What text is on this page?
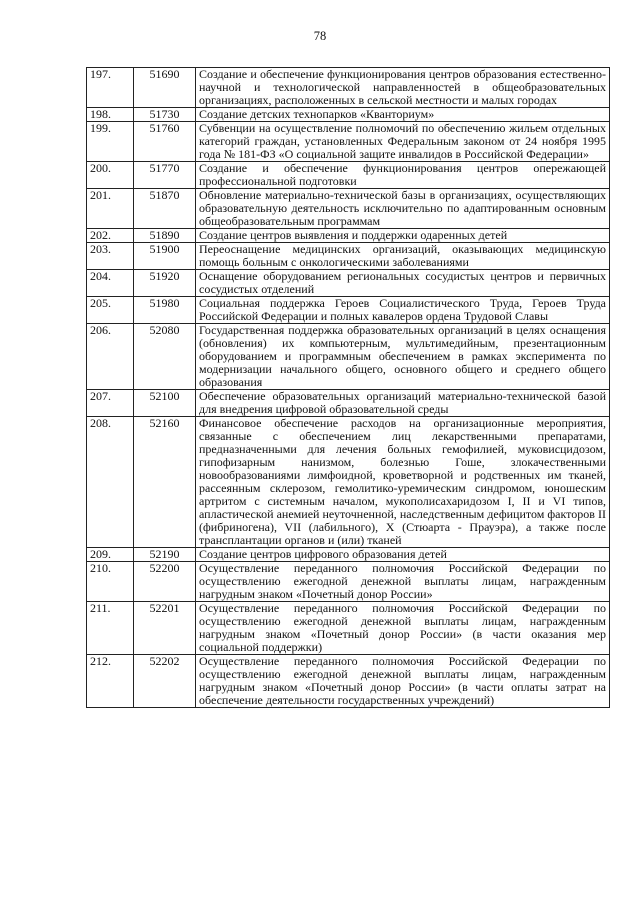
78
197.	51690	Создание и обеспечение функционирования центров образования естественно-научной и технологической направленностей в общеобразовательных организациях, расположенных в сельской местности и малых городах
198.	51730	Создание детских технопарков «Кванториум»
199.	51760	Субвенции на осуществление полномочий по обеспечению жильем отдельных категорий граждан, установленных Федеральным законом от 24 ноября 1995 года № 181-ФЗ «О социальной защите инвалидов в Российской Федерации»
200.	51770	Создание и обеспечение функционирования центров опережающей профессиональной подготовки
201.	51870	Обновление материально-технической базы в организациях, осуществляющих образовательную деятельность исключительно по адаптированным основным общеобразовательным программам
202.	51890	Создание центров выявления и поддержки одаренных детей
203.	51900	Переоснащение медицинских организаций, оказывающих медицинскую помощь больным с онкологическими заболеваниями
204.	51920	Оснащение оборудованием региональных сосудистых центров и первичных сосудистых отделений
205.	51980	Социальная поддержка Героев Социалистического Труда, Героев Труда Российской Федерации и полных кавалеров ордена Трудовой Славы
206.	52080	Государственная поддержка образовательных организаций в целях оснащения (обновления) их компьютерным, мультимедийным, презентационным оборудованием и программным обеспечением в рамках эксперимента по модернизации начального общего, основного общего и среднего общего образования
207.	52100	Обеспечение образовательных организаций материально-технической базой для внедрения цифровой образовательной среды
208.	52160	Финансовое обеспечение расходов на организационные мероприятия, связанные с обеспечением лиц лекарственными препаратами, предназначенными для лечения больных гемофилией, муковисцидозом, гипофизарным нанизмом, болезнью Гоше, злокачественными новообразованиями лимфоидной, кроветворной и родственных им тканей, рассеянным склерозом, гемолитико-уремическим синдромом, юношеским артритом с системным началом, мукополисахаридозом I, II и VI типов, апластической анемией неуточненной, наследственным дефицитом факторов II (фибриногена), VII (лабильного), X (Стюарта - Прауэра), а также после трансплантации органов и (или) тканей
209.	52190	Создание центров цифрового образования детей
210.	52200	Осуществление переданного полномочия Российской Федерации по осуществлению ежегодной денежной выплаты лицам, награжденным нагрудным знаком «Почетный донор России»
211.	52201	Осуществление переданного полномочия Российской Федерации по осуществлению ежегодной денежной выплаты лицам, награжденным нагрудным знаком «Почетный донор России» (в части оказания мер социальной поддержки)
212.	52202	Осуществление переданного полномочия Российской Федерации по осуществлению ежегодной денежной выплаты лицам, награжденным нагрудным знаком «Почетный донор России» (в части оплаты затрат на обеспечение деятельности государственных учреждений)
